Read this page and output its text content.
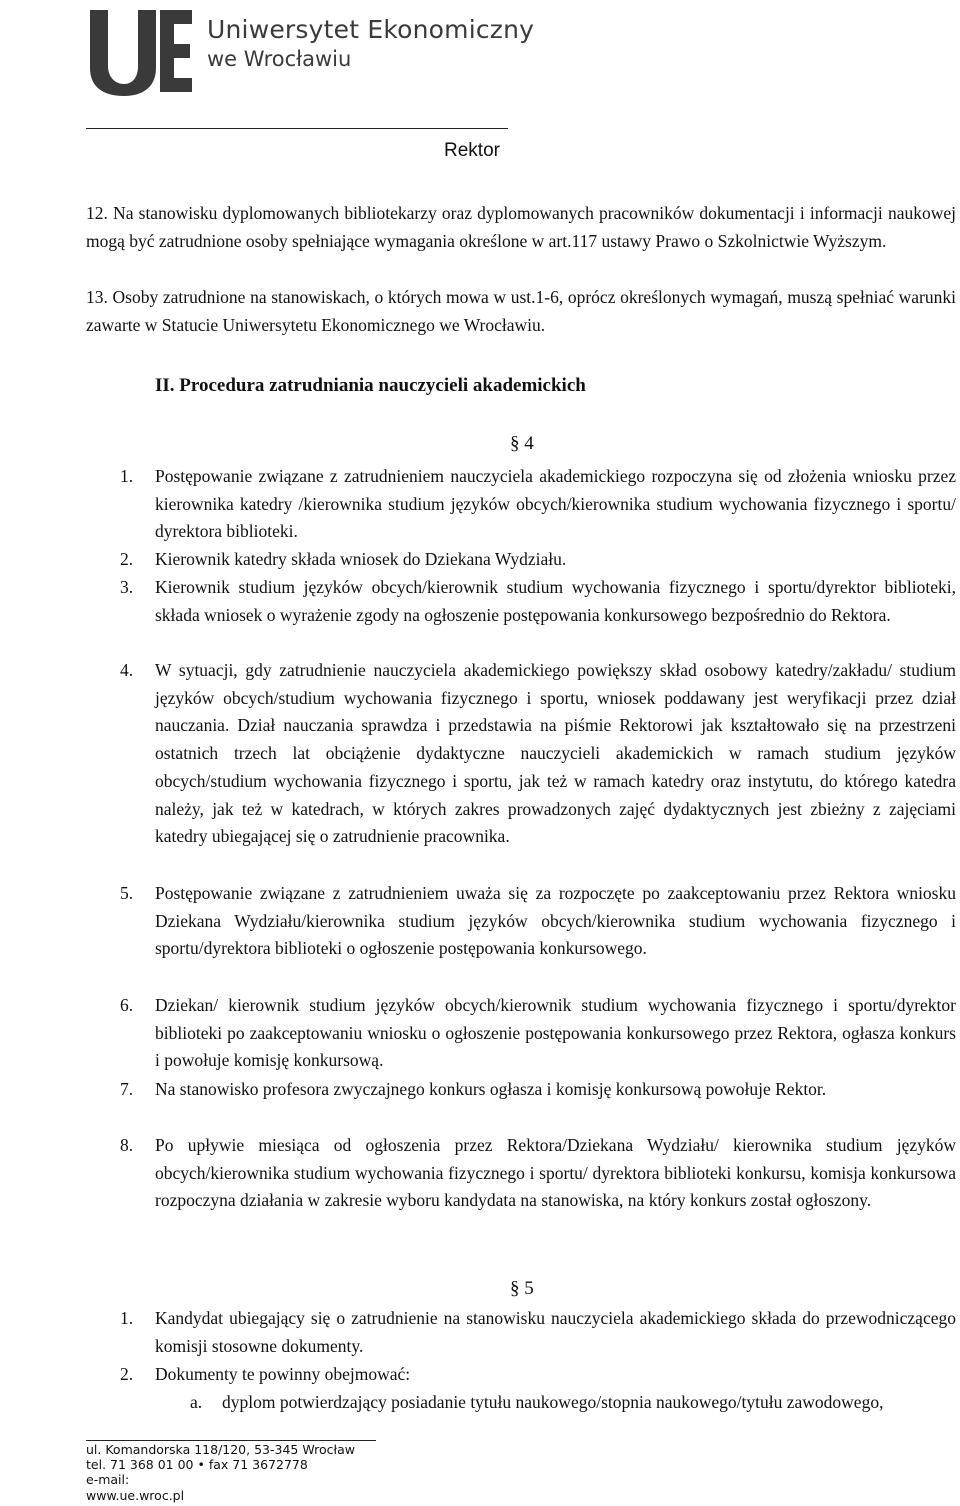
Uniwersytet Ekonomiczny
we Wrocławiu
Rektor
12. Na stanowisku dyplomowanych bibliotekarzy oraz dyplomowanych pracowników dokumentacji i informacji naukowej mogą być zatrudnione osoby spełniające wymagania określone w art.117 ustawy Prawo o Szkolnictwie Wyższym.
13. Osoby zatrudnione na stanowiskach, o których mowa w ust.1-6, oprócz określonych wymagań, muszą spełniać warunki zawarte w Statucie Uniwersytetu Ekonomicznego we Wrocławiu.
II. Procedura zatrudniania nauczycieli akademickich
§ 4
1. Postępowanie związane z zatrudnieniem nauczyciela akademickiego rozpoczyna się od złożenia wniosku przez kierownika katedry /kierownika studium języków obcych/kierownika studium wychowania fizycznego i sportu/ dyrektora biblioteki.
2. Kierownik katedry składa wniosek do Dziekana Wydziału.
3. Kierownik studium języków obcych/kierownik studium wychowania fizycznego i sportu/dyrektor biblioteki, składa wniosek o wyrażenie zgody na ogłoszenie postępowania konkursowego bezpośrednio do Rektora.
4. W sytuacji, gdy zatrudnienie nauczyciela akademickiego powiększy skład osobowy katedry/zakładu/ studium języków obcych/studium wychowania fizycznego i sportu, wniosek poddawany jest weryfikacji przez dział nauczania. Dział nauczania sprawdza i przedstawia na piśmie Rektorowi jak kształtowało się na przestrzeni ostatnich trzech lat obciążenie dydaktyczne nauczycieli akademickich w ramach studium języków obcych/studium wychowania fizycznego i sportu, jak też w ramach katedry oraz instytutu, do którego katedra należy, jak też w katedrach, w których zakres prowadzonych zajęć dydaktycznych jest zbieżny z zajęciami katedry ubiegającej się o zatrudnienie pracownika.
5. Postępowanie związane z zatrudnieniem uważa się za rozpoczęte po zaakceptowaniu przez Rektora wniosku Dziekana Wydziału/kierownika studium języków obcych/kierownika studium wychowania fizycznego i sportu/dyrektora biblioteki o ogłoszenie postępowania konkursowego.
6. Dziekan/ kierownik studium języków obcych/kierownik studium wychowania fizycznego i sportu/dyrektor biblioteki po zaakceptowaniu wniosku o ogłoszenie postępowania konkursowego przez Rektora, ogłasza konkurs i powołuje komisję konkursową.
7. Na stanowisko profesora zwyczajnego konkurs ogłasza i komisję konkursową powołuje Rektor.
8. Po upływie miesiąca od ogłoszenia przez Rektora/Dziekana Wydziału/ kierownika studium języków obcych/kierownika studium wychowania fizycznego i sportu/ dyrektora biblioteki konkursu, komisja konkursowa rozpoczyna działania w zakresie wyboru kandydata na stanowiska, na który konkurs został ogłoszony.
§ 5
1. Kandydat ubiegający się o zatrudnienie na stanowisku nauczyciela akademickiego składa do przewodniczącego komisji stosowne dokumenty.
2. Dokumenty te powinny obejmować:
a. dyplom potwierdzający posiadanie tytułu naukowego/stopnia naukowego/tytułu zawodowego,
ul. Komandorska 118/120, 53-345 Wrocław
tel. 71 368 01 00 • fax 71 3672778
e-mail:
www.ue.wroc.pl
